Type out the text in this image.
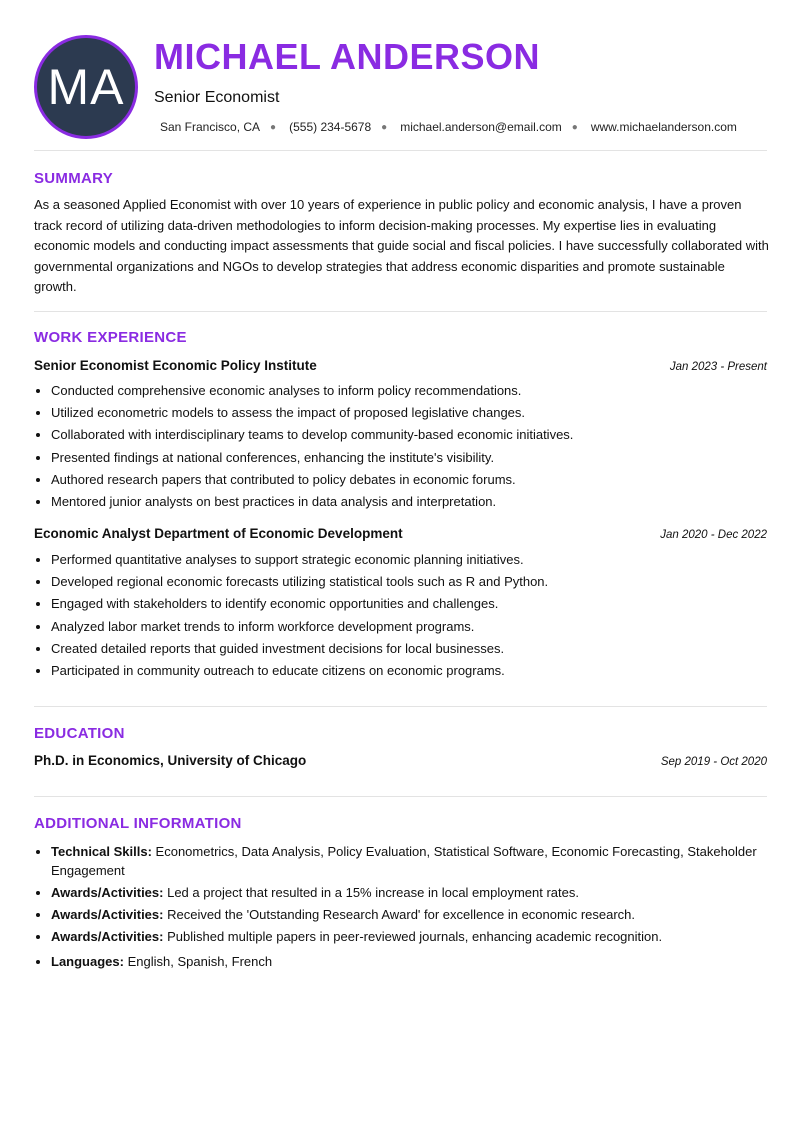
MA
MICHAEL ANDERSON
Senior Economist
San Francisco, CA ● (555) 234-5678 ● michael.anderson@email.com ● www.michaelanderson.com
SUMMARY

As a seasoned Applied Economist with over 10 years of experience in public policy and economic analysis, I have a proven track record of utilizing data-driven methodologies to inform decision-making processes. My expertise lies in evaluating economic models and conducting impact assessments that guide social and fiscal policies. I have successfully collaborated with governmental organizations and NGOs to develop strategies that address economic disparities and promote sustainable growth.

WORK EXPERIENCE
Senior Economist Economic Policy Institute	Jan 2023 - Present
• Conducted comprehensive economic analyses to inform policy recommendations.
• Utilized econometric models to assess the impact of proposed legislative changes.
• Collaborated with interdisciplinary teams to develop community-based economic initiatives.
• Presented findings at national conferences, enhancing the institute's visibility.
• Authored research papers that contributed to policy debates in economic forums.
• Mentored junior analysts on best practices in data analysis and interpretation.
Economic Analyst Department of Economic Development	Jan 2020 - Dec 2022
• Performed quantitative analyses to support strategic economic planning initiatives.
• Developed regional economic forecasts utilizing statistical tools such as R and Python.
• Engaged with stakeholders to identify economic opportunities and challenges.
• Analyzed labor market trends to inform workforce development programs.
• Created detailed reports that guided investment decisions for local businesses.
• Participated in community outreach to educate citizens on economic programs.
EDUCATION
Ph.D. in Economics, University of Chicago	Sep 2019 - Oct 2020
ADDITIONAL INFORMATION
• Technical Skills: Econometrics, Data Analysis, Policy Evaluation, Statistical Software, Economic Forecasting, Stakeholder Engagement
• Awards/Activities: Led a project that resulted in a 15% increase in local employment rates.
• Awards/Activities: Received the 'Outstanding Research Award' for excellence in economic research.
• Awards/Activities: Published multiple papers in peer-reviewed journals, enhancing academic recognition.
• Languages: English, Spanish, French
